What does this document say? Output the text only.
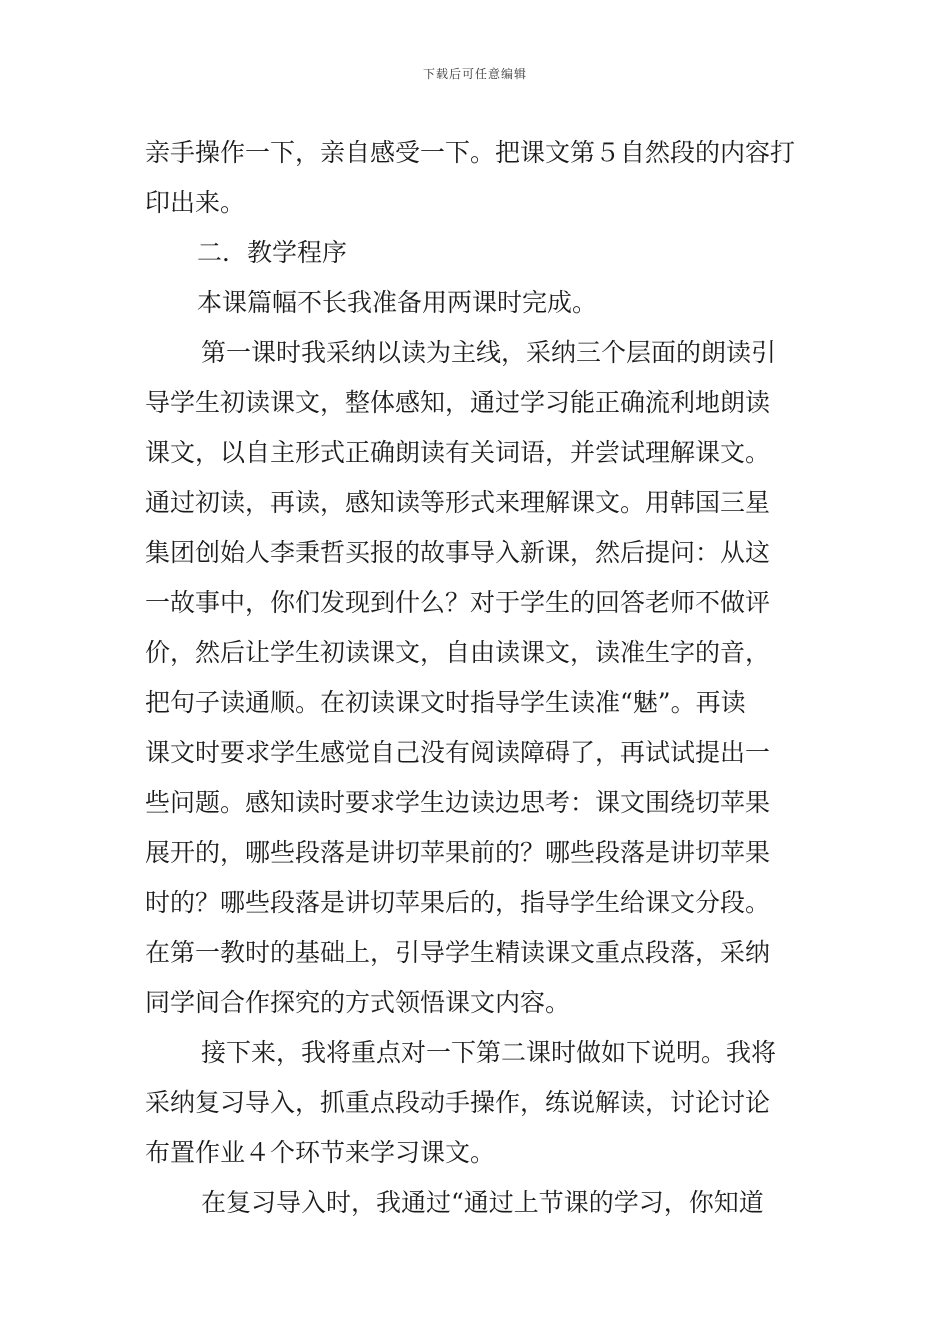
下载后可任意编辑
亲手操作一下，亲自感受一下。把课文第５自然段的内容打
印出来。
二．教学程序
本课篇幅不长我准备用两课时完成。
第一课时我采纳以读为主线，采纳三个层面的朗读引
导学生初读课文，整体感知，通过学习能正确流利地朗读
课文，以自主形式正确朗读有关词语，并尝试理解课文。
通过初读，再读，感知读等形式来理解课文。用韩国三星
集团创始人李秉哲买报的故事导入新课，然后提问：从这
一故事中，你们发现到什么？对于学生的回答老师不做评
价，然后让学生初读课文，自由读课文，读准生字的音，
把句子读通顺。在初读课文时指导学生读准“魅”。再读
课文时要求学生感觉自己没有阅读障碍了，再试试提出一
些问题。感知读时要求学生边读边思考：课文围绕切苹果
展开的，哪些段落是讲切苹果前的？哪些段落是讲切苹果
时的？哪些段落是讲切苹果后的，指导学生给课文分段。
在第一教时的基础上，引导学生精读课文重点段落，采纳
同学间合作探究的方式领悟课文内容。
接下来，我将重点对一下第二课时做如下说明。我将
采纳复习导入，抓重点段动手操作，练说解读，讨论讨论
布置作业４个环节来学习课文。
在复习导入时，我通过“通过上节课的学习，你知道
